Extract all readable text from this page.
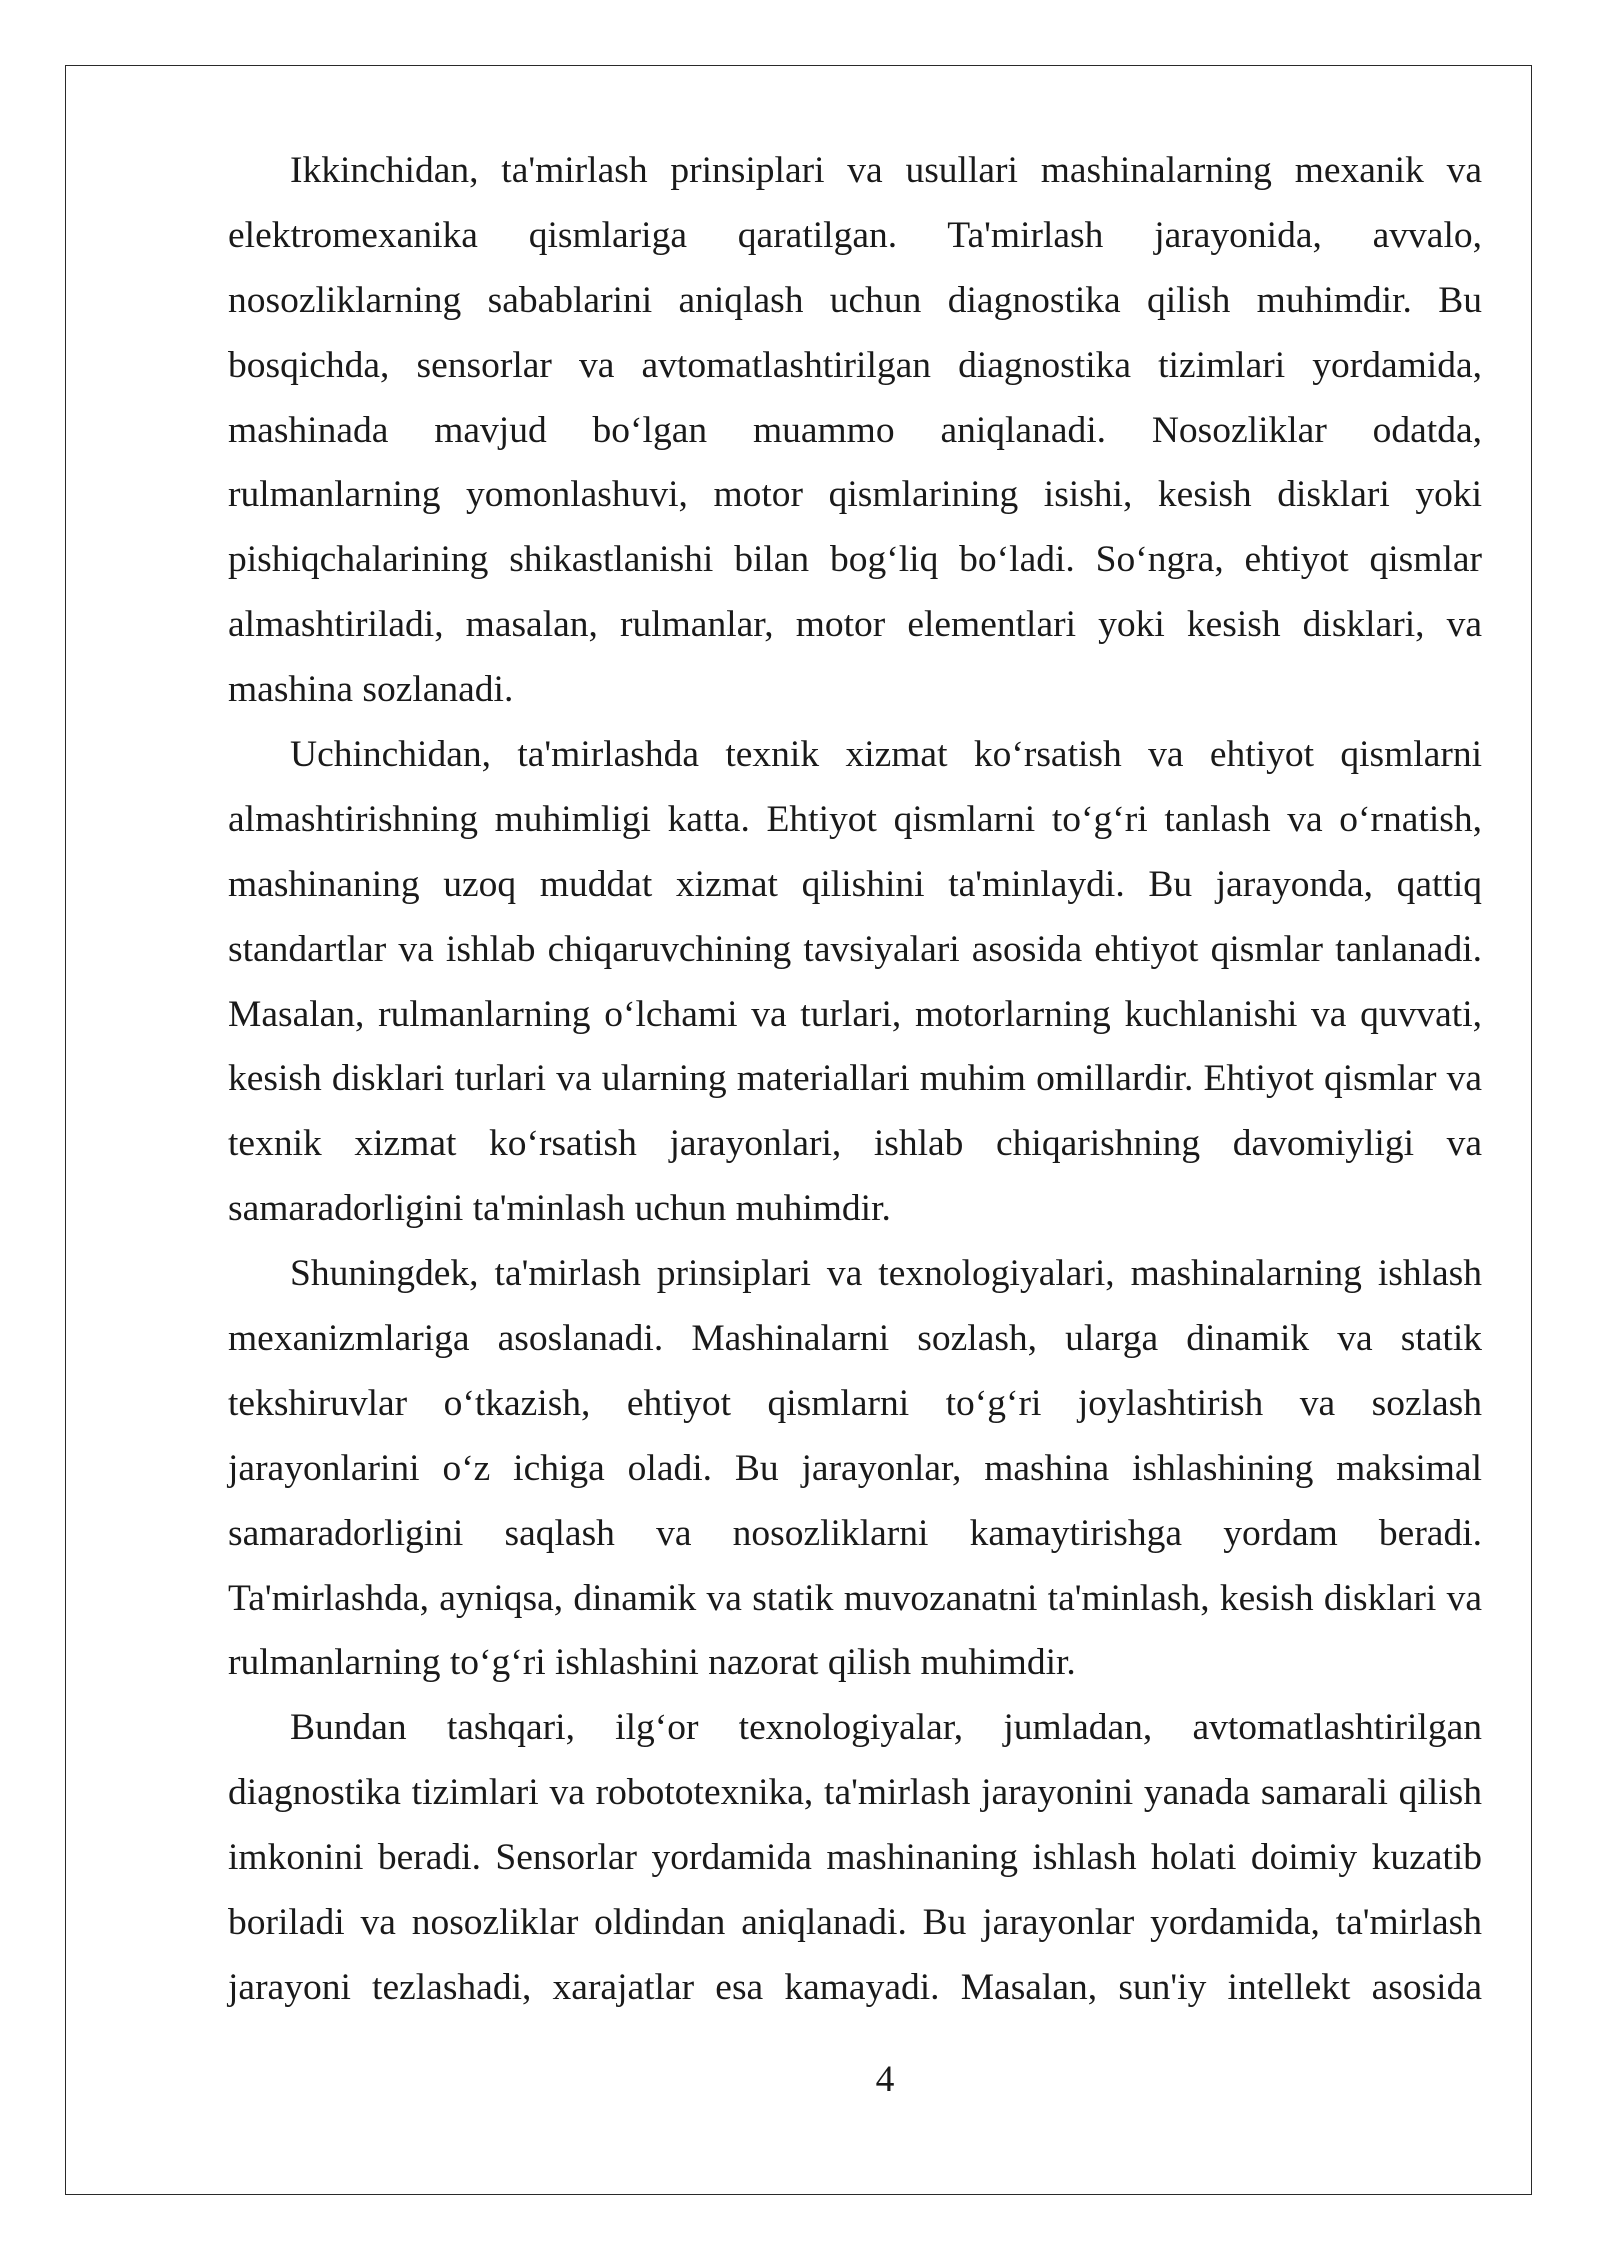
Ikkinchidan, ta'mirlash prinsiplari va usullari mashinalarning mexanik va
elektromexanika qismlariga qaratilgan. Ta'mirlash jarayonida, avvalo,
nosozliklarning sabablarini aniqlash uchun diagnostika qilish muhimdir. Bu
bosqichda, sensorlar va avtomatlashtirilgan diagnostika tizimlari yordamida,
mashinada mavjud bo‘lgan muammo aniqlanadi. Nosozliklar odatda,
rulmanlarning yomonlashuvi, motor qismlarining isishi, kesish disklari yoki
pishiqchalarining shikastlanishi bilan bog‘liq bo‘ladi. So‘ngra, ehtiyot qismlar
almashtiriladi, masalan, rulmanlar, motor elementlari yoki kesish disklari, va
mashina sozlanadi.
Uchinchidan, ta'mirlashda texnik xizmat ko‘rsatish va ehtiyot qismlarni
almashtirishning muhimligi katta. Ehtiyot qismlarni to‘g‘ri tanlash va o‘rnatish,
mashinaning uzoq muddat xizmat qilishini ta'minlaydi. Bu jarayonda, qattiq
standartlar va ishlab chiqaruvchining tavsiyalari asosida ehtiyot qismlar tanlanadi.
Masalan, rulmanlarning o‘lchami va turlari, motorlarning kuchlanishi va quvvati,
kesish disklari turlari va ularning materiallari muhim omillardir. Ehtiyot qismlar va
texnik xizmat ko‘rsatish jarayonlari, ishlab chiqarishning davomiyligi va
samaradorligini ta'minlash uchun muhimdir.
Shuningdek, ta'mirlash prinsiplari va texnologiyalari, mashinalarning ishlash
mexanizmlariga asoslanadi. Mashinalarni sozlash, ularga dinamik va statik
tekshiruvlar o‘tkazish, ehtiyot qismlarni to‘g‘ri joylashtirish va sozlash
jarayonlarini o‘z ichiga oladi. Bu jarayonlar, mashina ishlashining maksimal
samaradorligini saqlash va nosozliklarni kamaytirishga yordam beradi.
Ta'mirlashda, ayniqsa, dinamik va statik muvozanatni ta'minlash, kesish disklari va
rulmanlarning to‘g‘ri ishlashini nazorat qilish muhimdir.
Bundan tashqari, ilg‘or texnologiyalar, jumladan, avtomatlashtirilgan
diagnostika tizimlari va robototexnika, ta'mirlash jarayonini yanada samarali qilish
imkonini beradi. Sensorlar yordamida mashinaning ishlash holati doimiy kuzatib
boriladi va nosozliklar oldindan aniqlanadi. Bu jarayonlar yordamida, ta'mirlash
jarayoni tezlashadi, xarajatlar esa kamayadi. Masalan, sun'iy intellekt asosida
4
